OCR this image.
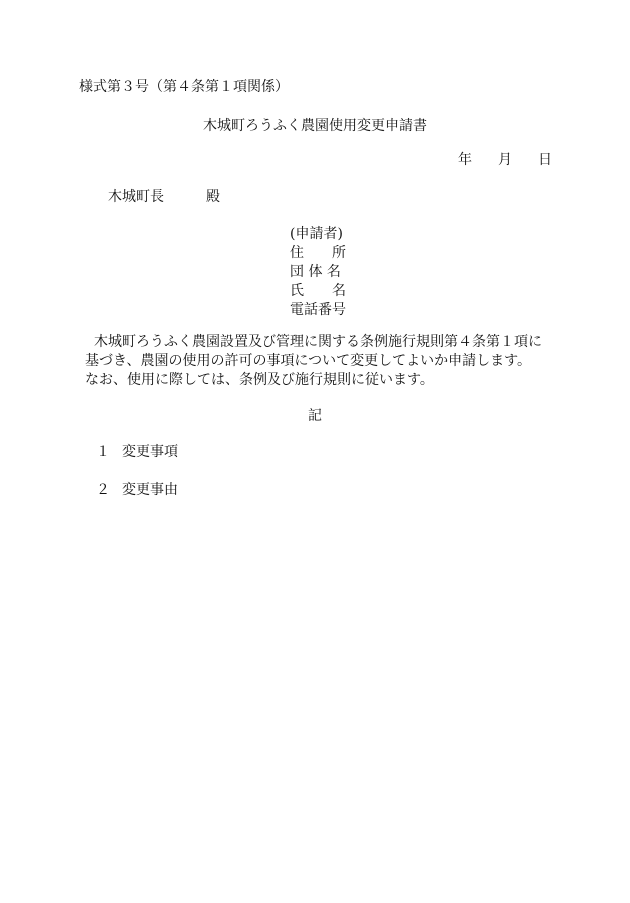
様式第３号（第４条第１項関係）
木城町ろうふく農園使用変更申請書
年 月 日
木城町長	殿
(申請者)
住　　所
団 体 名
氏　　名
電話番号

木城町ろうふく農園設置及び管理に関する条例施行規則第４条第１項に

基づき、農園の使用の許可の事項について変更してよいか申請します。

なお、使用に際しては、条例及び施行規則に従います。

記
１ 変更事項
２ 変更事由
